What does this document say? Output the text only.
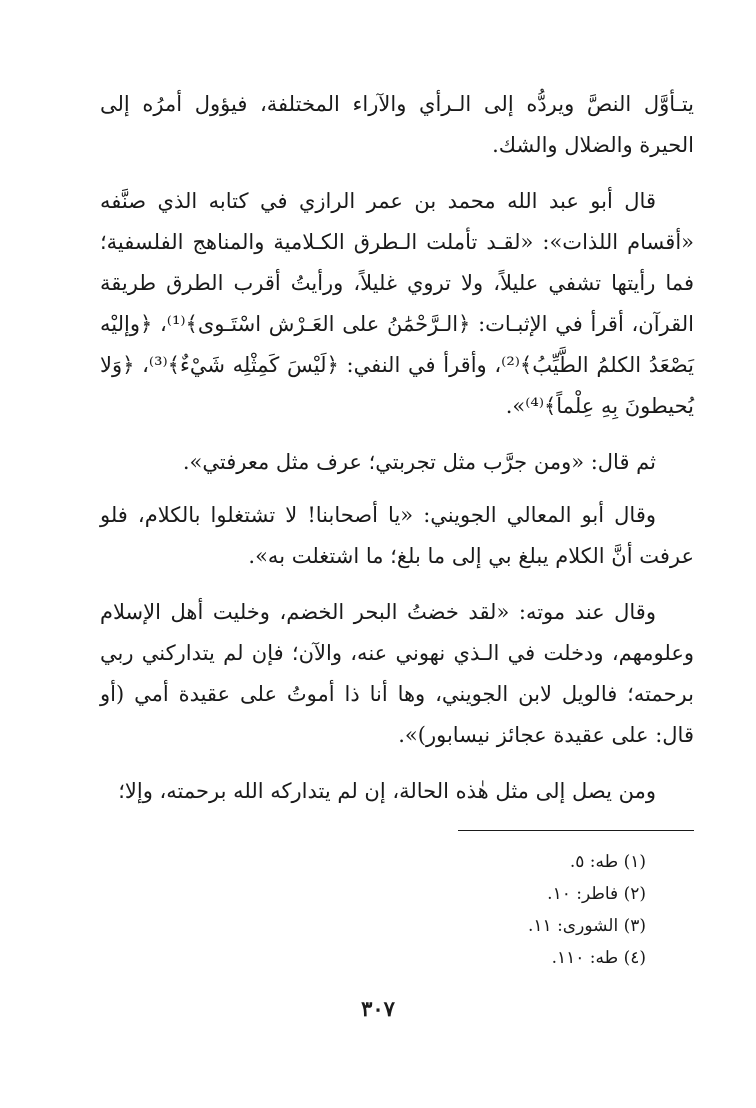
يتـأوَّل النصَّ ويردُّه إلى الـرأي والآراء المختلفة، فيؤول أمرُه إلى الحيرة والضلال والشك.

قال أبو عبد الله محمد بن عمر الرازي في كتابه الذي صنَّفه «أقسام اللذات»: «لقـد تأملت الـطرق الكـلامية والمناهج الفلسفية؛ فما رأيتها تشفي عليلاً، ولا تروي غليلاً، ورأيتُ أقرب الطرق طريقة القرآن، أقرأ في الإثبـات: ﴿الـرَّحْمَٰنُ على العَـرْش اسْتَـوى﴾⁽¹⁾، ﴿وإليْه يَصْعَدُ الكلمُ الطَّيِّبُ﴾⁽²⁾، وأقرأ في النفي: ﴿لَيْسَ كَمِثْلِه شَيْءٌ﴾⁽³⁾، ﴿وَلا يُحيطونَ بِهِ عِلْماً﴾⁽⁴⁾».

ثم قال: «ومن جرَّب مثل تجربتي؛ عرف مثل معرفتي».

وقال أبو المعالي الجويني: «يا أصحابنا! لا تشتغلوا بالكلام، فلو عرفت أنَّ الكلام يبلغ بي إلى ما بلغ؛ ما اشتغلت به».

وقال عند موته: «لقد خضتُ البحر الخضم، وخليت أهل الإسلام وعلومهم، ودخلت في الـذي نهوني عنه، والآن؛ فإن لم يتداركني ربي برحمته؛ فالويل لابن الجويني، وها أنا ذا أموتُ على عقيدة أمي (أو قال: على عقيدة عجائز نيسابور)».

ومن يصل إلى مثل هٰذه الحالة، إن لم يتداركه الله برحمته، وإلا؛

(١) طه: ٥.
(٢) فاطر: ١٠.
(٣) الشورى: ١١.
(٤) طه: ١١٠.
٣٠٧
